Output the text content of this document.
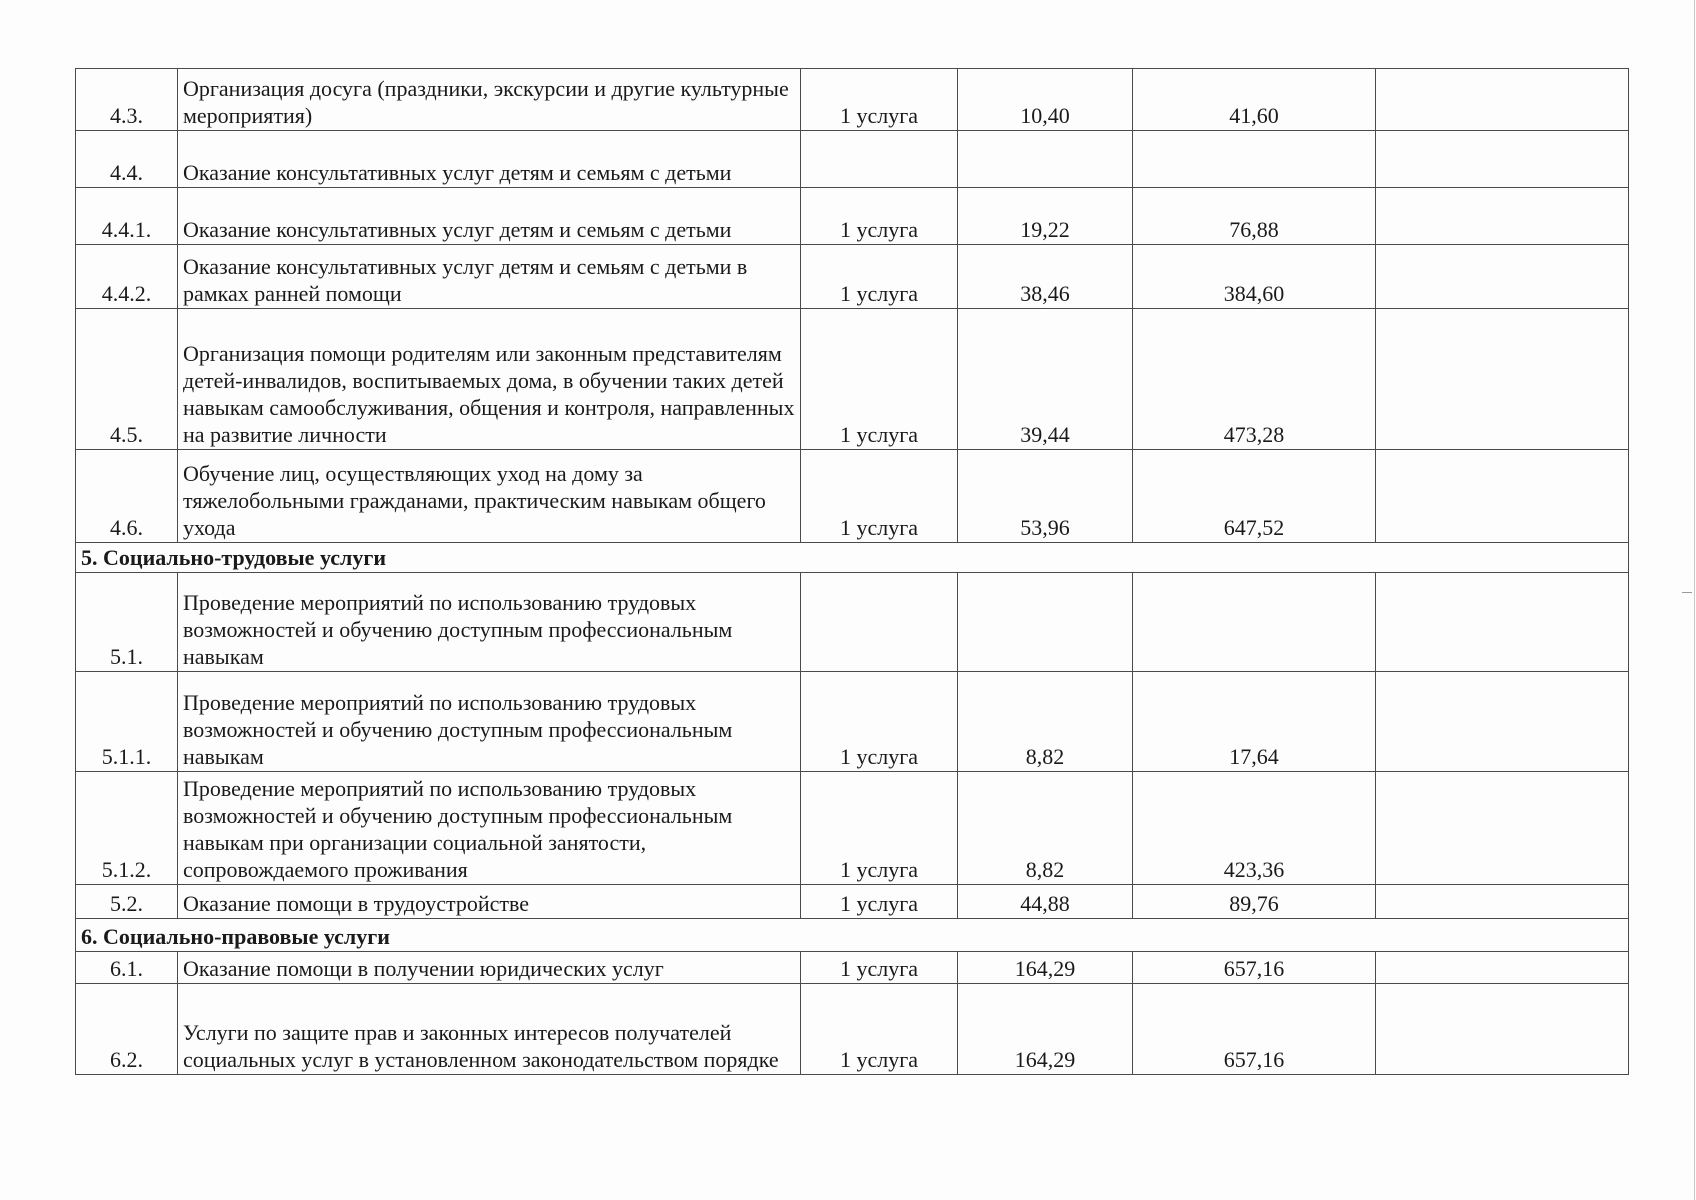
4.3.	Организация досуга (праздники, экскурсии и другие культурные мероприятия)	1 услуга	10,40	41,60	
4.4.	Оказание консультативных услуг детям и семьям с детьми				
4.4.1.	Оказание консультативных услуг детям и семьям с детьми	1 услуга	19,22	76,88	
4.4.2.	Оказание консультативных услуг детям и семьям с детьми в рамках ранней помощи	1 услуга	38,46	384,60	
4.5.	Организация помощи родителям или законным представителям детей-инвалидов, воспитываемых дома, в обучении таких детей навыкам самообслуживания, общения и контроля, направленных на развитие личности	1 услуга	39,44	473,28	
4.6.	Обучение лиц, осуществляющих уход на дому за тяжелобольными гражданами, практическим навыкам общего ухода	1 услуга	53,96	647,52	
5. Социально-трудовые услуги					
5.1.	Проведение мероприятий по использованию трудовых возможностей и обучению доступным профессиональным навыкам				
5.1.1.	Проведение мероприятий по использованию трудовых возможностей и обучению доступным профессиональным навыкам	1 услуга	8,82	17,64	
5.1.2.	Проведение мероприятий по использованию трудовых возможностей и обучению доступным профессиональным навыкам при организации социальной занятости, сопровождаемого проживания	1 услуга	8,82	423,36	
5.2.	Оказание помощи в трудоустройстве	1 услуга	44,88	89,76	
6. Социально-правовые услуги					
6.1.	Оказание помощи в получении юридических услуг	1 услуга	164,29	657,16	
6.2.	Услуги по защите прав и законных интересов получателей социальных услуг в установленном законодательством порядке	1 услуга	164,29	657,16	
